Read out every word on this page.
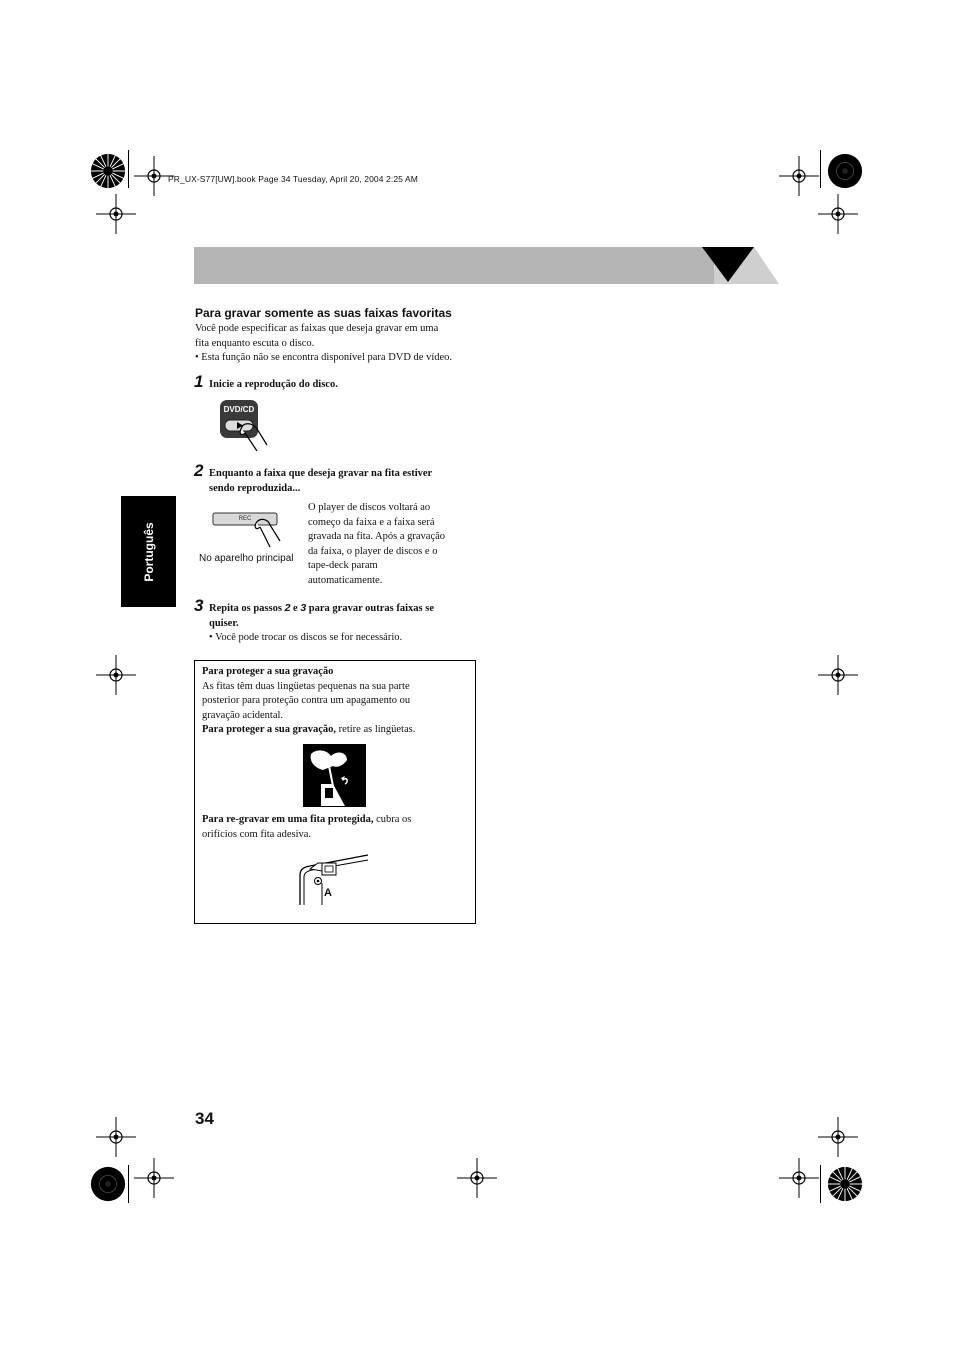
PR_UX-S77[UW].book Page 34 Tuesday, April 20, 2004 2:25 AM
Português
Para gravar somente as suas faixas favoritas
Você pode especificar as faixas que deseja gravar em uma
fita enquanto escuta o disco.
• Esta função não se encontra disponível para DVD de vídeo.
1 Inicie a reprodução do disco.
DVD/CD
2 Enquanto a faixa que deseja gravar na fita estiver
sendo reproduzida...
REC
No aparelho principal
O player de discos voltará ao
começo da faixa e a faixa será
gravada na fita. Após a gravação
da faixa, o player de discos e o
tape-deck param
automaticamente.
3 Repita os passos 2 e 3 para gravar outras faixas se
quiser.
• Você pode trocar os discos se for necessário.
Para proteger a sua gravação
As fitas têm duas lingüetas pequenas na sua parte
posterior para proteção contra um apagamento ou
gravação acidental.
Para proteger a sua gravação, retire as lingüetas.
Para re-gravar em uma fita protegida, cubra os
orifícios com fita adesiva.
A
34
